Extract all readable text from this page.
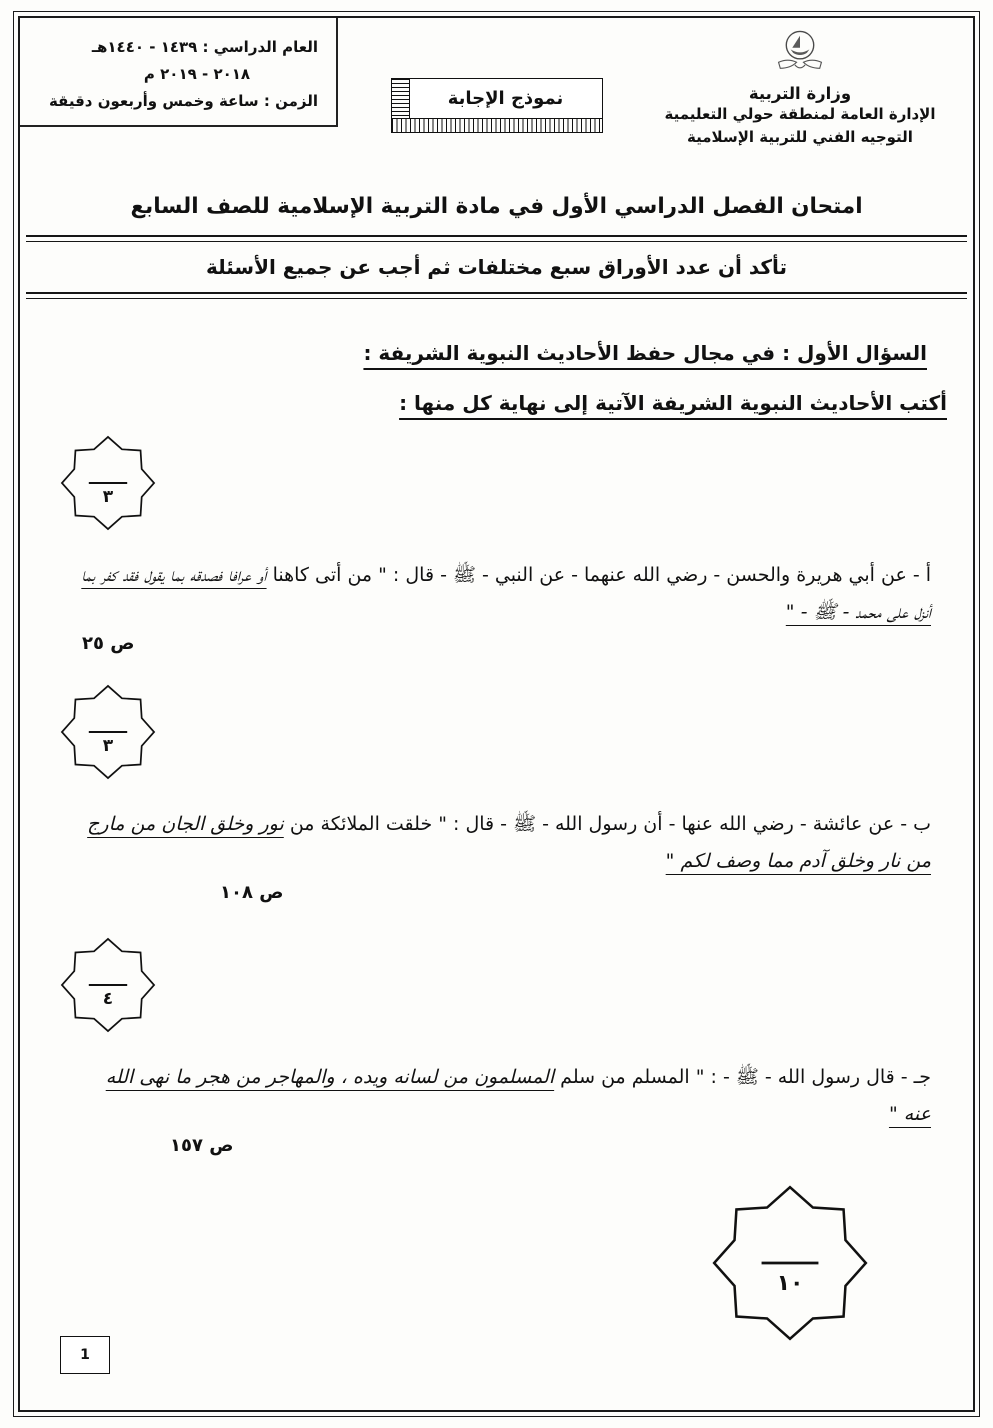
وزارة التربية
الإدارة العامة لمنطقة حولي التعليمية
التوجيه الفني للتربية الإسلامية
نموذج الإجابة
العام الدراسي : ١٤٣٩ - ١٤٤٠هـ
٢٠١٨ - ٢٠١٩ م
الزمن : ساعة وخمس وأربعون دقيقة
امتحان الفصل الدراسي الأول في مادة التربية الإسلامية للصف السابع
تأكد أن عدد الأوراق سبع مختلفات ثم أجب عن جميع الأسئلة
السؤال الأول : في مجال حفظ الأحاديث النبوية الشريفة :
أكتب الأحاديث النبوية الشريفة الآتية إلى نهاية كل منها :
٣

أ - عن أبي هريرة والحسن - رضي الله عنهما - عن النبي - ﷺ - قال : " من أتى كاهنا أو عرافا فصدقه بما يقول فقد كفر بما أنزل على محمد - ﷺ - "

ص ٢٥

٣

ب - عن عائشة - رضي الله عنها - أن رسول الله - ﷺ - قال : " خلقت الملائكة من نور وخلق الجان من مارج من نار وخلق آدم مما وصف لكم "

ص ١٠٨

٤

جـ - قال رسول الله - ﷺ - : " المسلم من سلم المسلمون من لسانه ويده ، والمهاجر من هجر ما نهى الله عنه "

ص ١٥٧

١٠
1
